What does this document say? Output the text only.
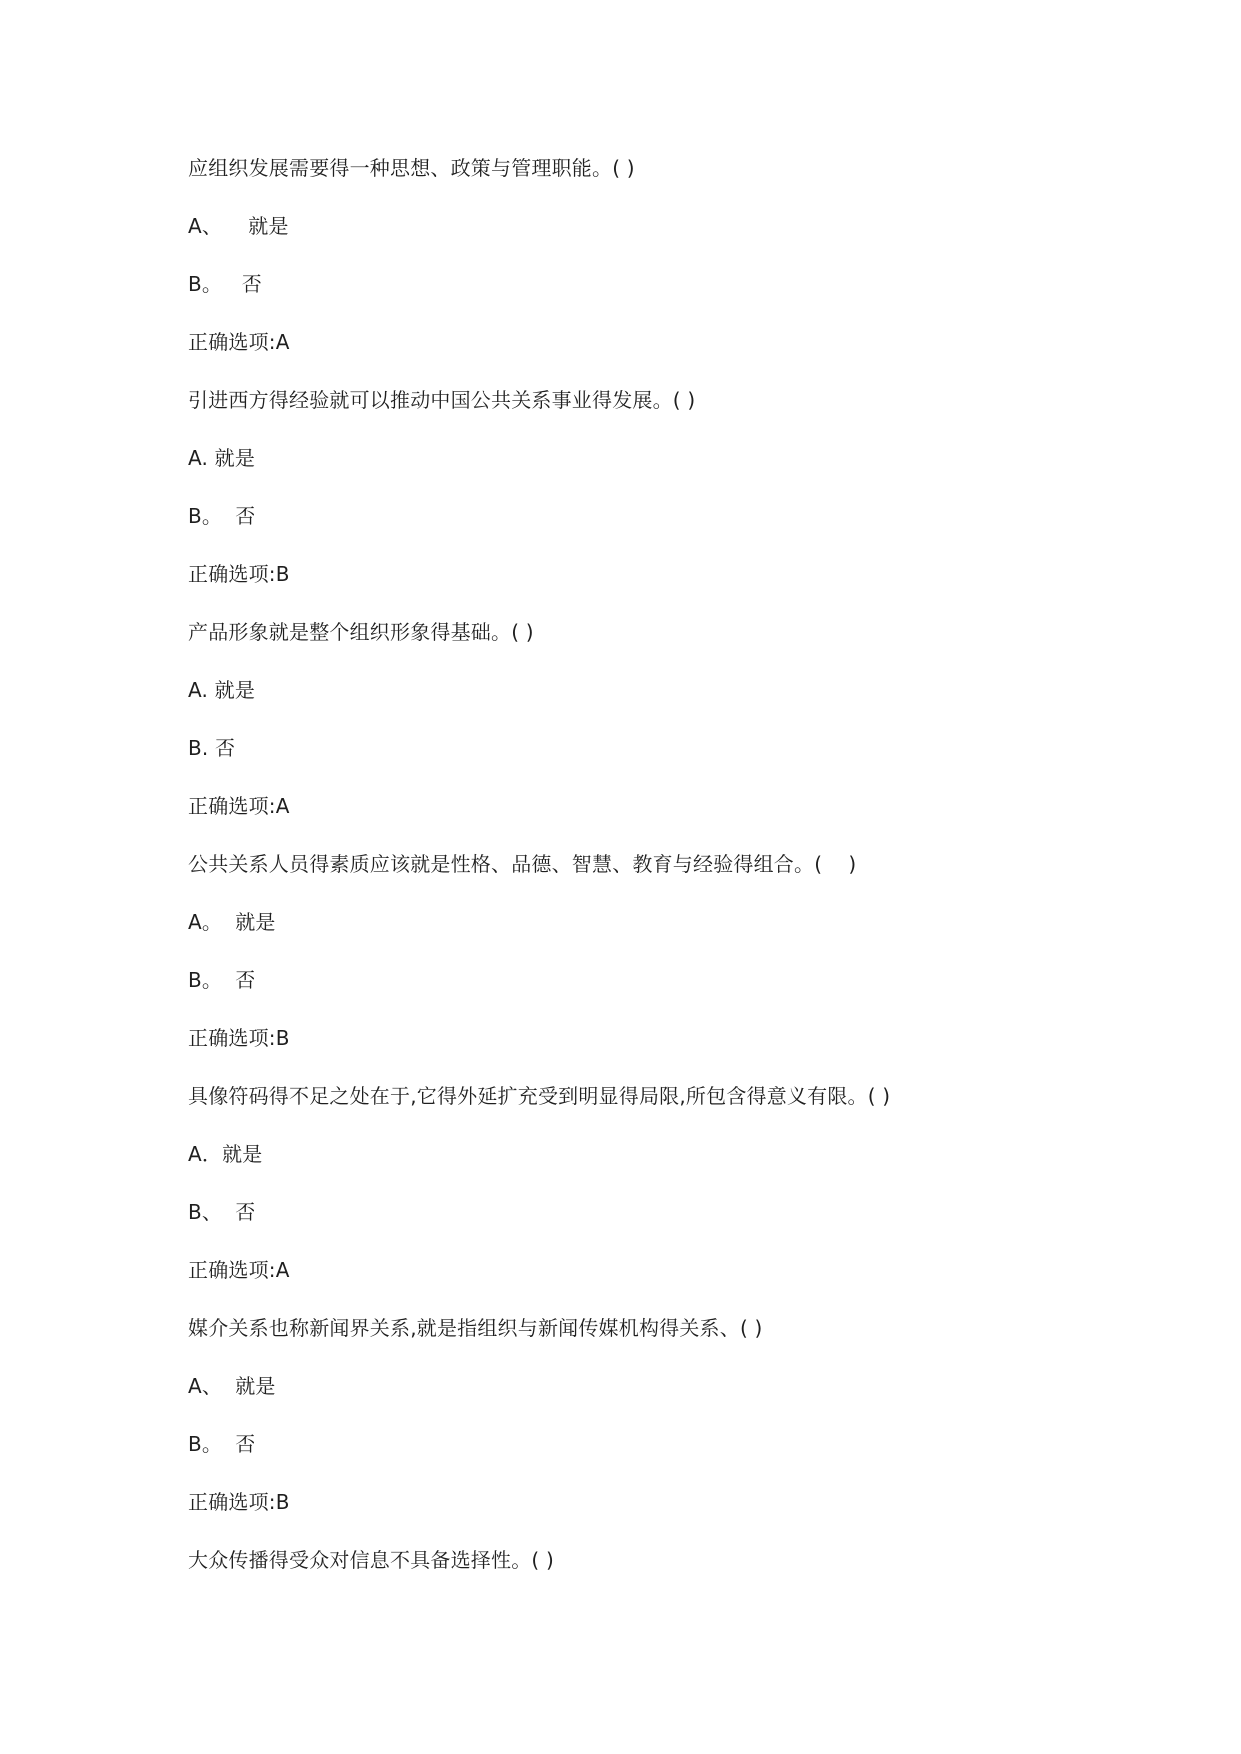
应组织发展需要得一种思想、政策与管理职能。( )
A、    就是
B。   否
正确选项:A
引进西方得经验就可以推动中国公共关系事业得发展。( )
A. 就是
B。  否
正确选项:B
产品形象就是整个组织形象得基础。( )
A. 就是
B. 否
正确选项:A
公共关系人员得素质应该就是性格、品德、智慧、教育与经验得组合。(    )
A。  就是
B。  否
正确选项:B
具像符码得不足之处在于,它得外延扩充受到明显得局限,所包含得意义有限。( )
A．就是
B、  否
正确选项:A
媒介关系也称新闻界关系,就是指组织与新闻传媒机构得关系、( )
A、  就是
B。  否
正确选项:B
大众传播得受众对信息不具备选择性。( )
